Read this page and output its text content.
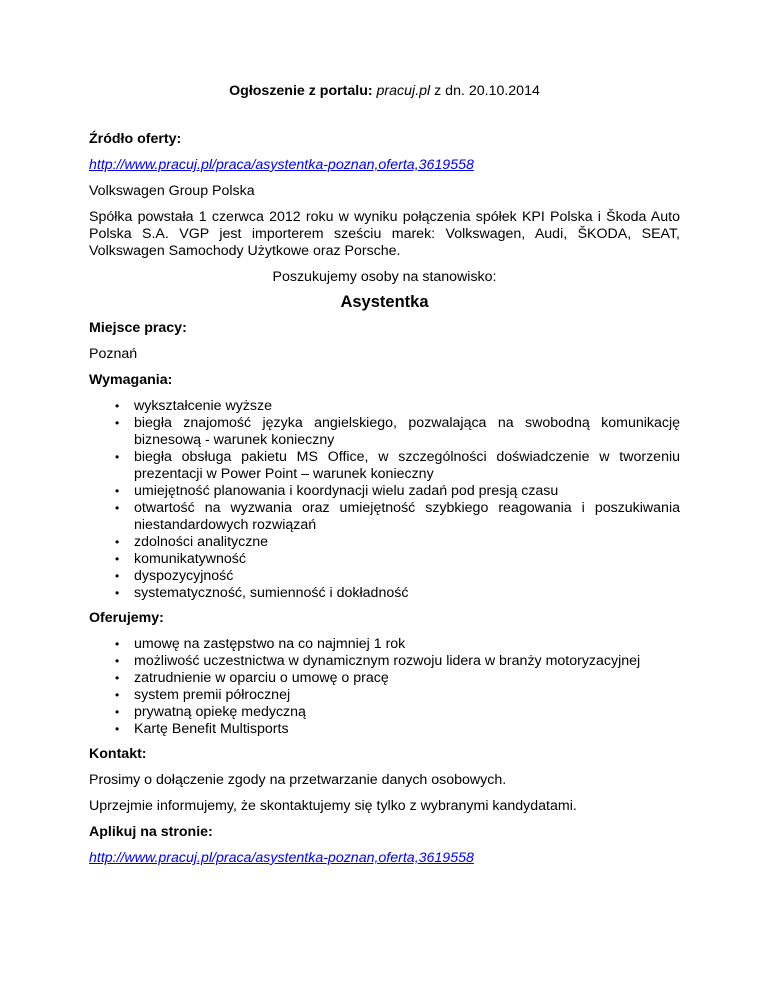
Ogłoszenie z portalu: pracuj.pl z dn. 20.10.2014
Źródło oferty:
http://www.pracuj.pl/praca/asystentka-poznan,oferta,3619558

Volkswagen Group Polska

Spółka powstała 1 czerwca 2012 roku w wyniku połączenia spółek KPI Polska i Škoda Auto Polska S.A. VGP jest importerem sześciu marek: Volkswagen, Audi, ŠKODA, SEAT, Volkswagen Samochody Użytkowe oraz Porsche.

Poszukujemy osoby na stanowisko:
Asystentka
Miejsce pracy:

Poznań

Wymagania:
• wykształcenie wyższe
• biegła znajomość języka angielskiego, pozwalająca na swobodną komunikację biznesową - warunek konieczny
• biegła obsługa pakietu MS Office, w szczególności doświadczenie w tworzeniu prezentacji w Power Point – warunek konieczny
• umiejętność planowania i koordynacji wielu zadań pod presją czasu
• otwartość na wyzwania oraz umiejętność szybkiego reagowania i poszukiwania niestandardowych rozwiązań
• zdolności analityczne
• komunikatywność
• dyspozycyjność
• systematyczność, sumienność i dokładność
Oferujemy:
• umowę na zastępstwo na co najmniej 1 rok
• możliwość uczestnictwa w dynamicznym rozwoju lidera w branży motoryzacyjnej
• zatrudnienie w oparciu o umowę o pracę
• system premii półrocznej
• prywatną opiekę medyczną
• Kartę Benefit Multisports
Kontakt:

Prosimy o dołączenie zgody na przetwarzanie danych osobowych.

Uprzejmie informujemy, że skontaktujemy się tylko z wybranymi kandydatami.

Aplikuj na stronie:
http://www.pracuj.pl/praca/asystentka-poznan,oferta,3619558
